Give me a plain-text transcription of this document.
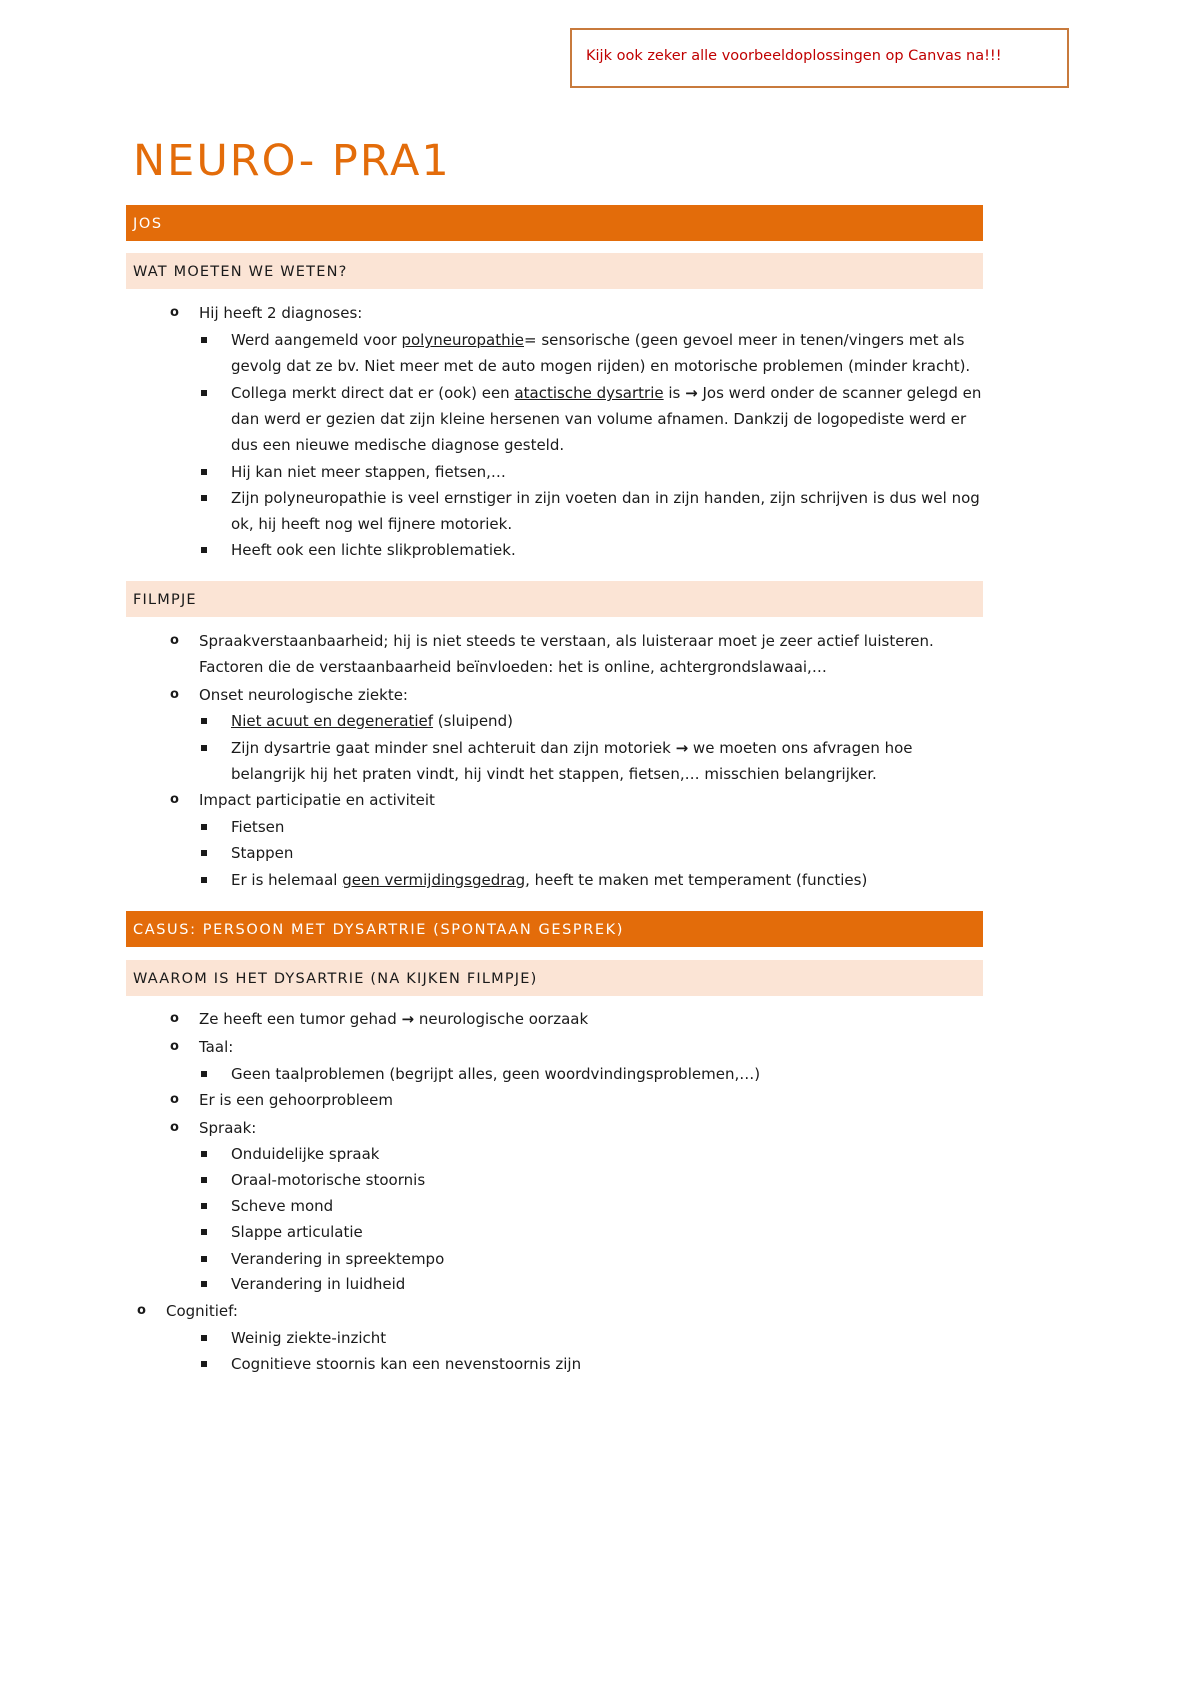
Kijk ook zeker alle voorbeeldoplossingen op Canvas na!!!
NEURO- PRA1
JOS
WAT MOETEN WE WETEN?
o Hij heeft 2 diagnoses:
Werd aangemeld voor polyneuropathie= sensorische (geen gevoel meer in tenen/vingers met als gevolg dat ze bv. Niet meer met de auto mogen rijden) en motorische problemen (minder kracht).
Collega merkt direct dat er (ook) een atactische dysartrie is → Jos werd onder de scanner gelegd en dan werd er gezien dat zijn kleine hersenen van volume afnamen. Dankzij de logopediste werd er dus een nieuwe medische diagnose gesteld.
Hij kan niet meer stappen, fietsen,…
Zijn polyneuropathie is veel ernstiger in zijn voeten dan in zijn handen, zijn schrijven is dus wel nog ok, hij heeft nog wel fijnere motoriek.
Heeft ook een lichte slikproblematiek.
FILMPJE
o Spraakverstaanbaarheid; hij is niet steeds te verstaan, als luisteraar moet je zeer actief luisteren. Factoren die de verstaanbaarheid beïnvloeden: het is online, achtergrondslawaai,…
o Onset neurologische ziekte:
Niet acuut en degeneratief (sluipend)
Zijn dysartrie gaat minder snel achteruit dan zijn motoriek → we moeten ons afvragen hoe belangrijk hij het praten vindt, hij vindt het stappen, fietsen,… misschien belangrijker.
o Impact participatie en activiteit
Fietsen
Stappen
Er is helemaal geen vermijdingsgedrag, heeft te maken met temperament (functies)
CASUS: PERSOON MET DYSARTRIE (SPONTAAN GESPREK)
WAAROM IS HET DYSARTRIE (NA KIJKEN FILMPJE)
o Ze heeft een tumor gehad → neurologische oorzaak
o Taal:
Geen taalproblemen (begrijpt alles, geen woordvindingsproblemen,…)
o Er is een gehoorprobleem
o Spraak:
Onduidelijke spraak
Oraal-motorische stoornis
Scheve mond
Slappe articulatie
Verandering in spreektempo
Verandering in luidheid
o Cognitief:
Weinig ziekte-inzicht
Cognitieve stoornis kan een nevenstoornis zijn
